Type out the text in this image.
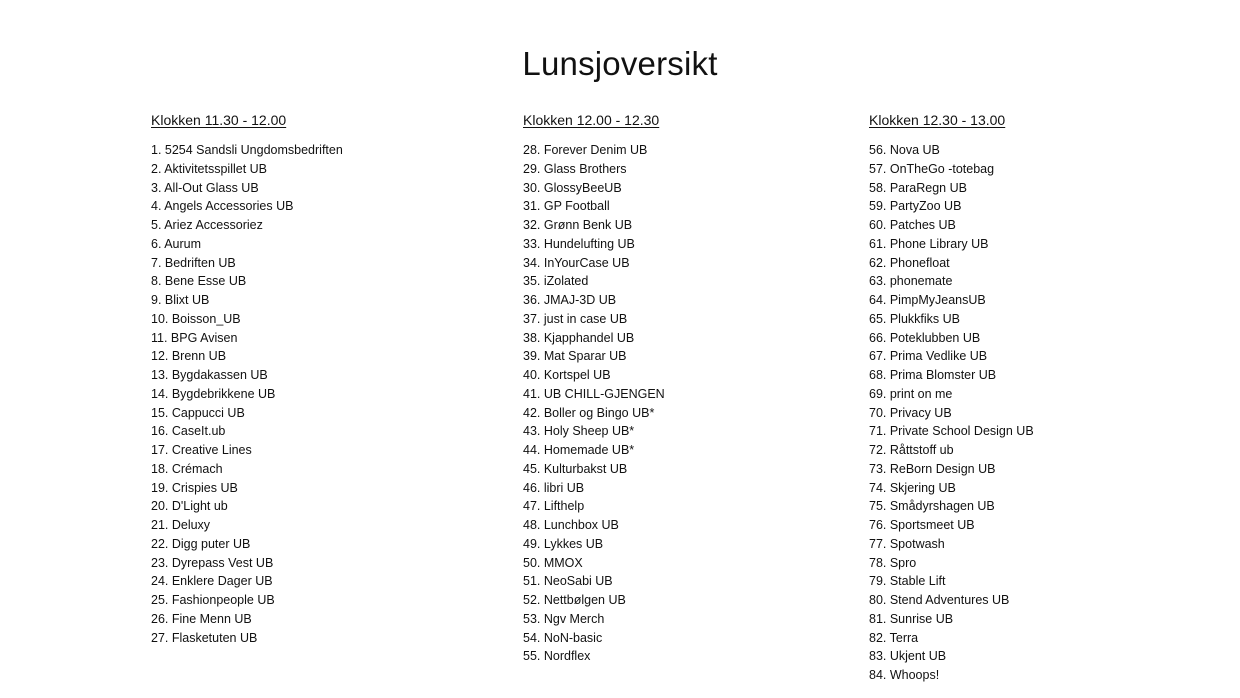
Lunsjoversikt
Klokken 11.30 - 12.00
1. 5254 Sandsli Ungdomsbedriften
2. Aktivitetsspillet UB
3. All-Out Glass UB
4. Angels Accessories UB
5. Ariez Accessoriez
6. Aurum
7. Bedriften UB
8. Bene Esse UB
9. Blixt UB
10. Boisson_UB
11. BPG Avisen
12. Brenn UB
13. Bygdakassen UB
14. Bygdebrikkene UB
15. Cappucci UB
16. CaseIt.ub
17. Creative Lines
18. Crémach
19. Crispies UB
20. D'Light ub
21. Deluxy
22. Digg puter UB
23. Dyrepass Vest UB
24. Enklere Dager UB
25. Fashionpeople UB
26. Fine Menn UB
27. Flasketuten UB
Klokken 12.00 - 12.30
28. Forever Denim UB
29. Glass Brothers
30. GlossyBeeUB
31. GP Football
32. Grønn Benk UB
33. Hundelufting UB
34. InYourCase UB
35. iZolated
36. JMAJ-3D UB
37. just in case UB
38. Kjapphandel UB
39. Mat Sparar UB
40. Kortspel UB
41. UB CHILL-GJENGEN
42. Boller og Bingo UB*
43. Holy Sheep UB*
44. Homemade UB*
45. Kulturbakst UB
46. libri UB
47. Lifthelp
48. Lunchbox UB
49. Lykkes UB
50. MMOX
51. NeoSabi UB
52. Nettbølgen UB
53. Ngv Merch
54. NoN-basic
55. Nordflex
Klokken 12.30 - 13.00
56. Nova UB
57. OnTheGo -totebag
58. ParaRegn UB
59. PartyZoo UB
60. Patches UB
61. Phone Library UB
62. Phonefloat
63. phonemate
64. PimpMyJeansUB
65. Plukkfiks UB
66. Poteklubben UB
67. Prima Vedlike UB
68. Prima Blomster UB
69. print on me
70. Privacy UB
71. Private School Design UB
72. Råttstoff ub
73. ReBorn Design UB
74. Skjering UB
75. Smådyrshagen UB
76. Sportsmeet UB
77. Spotwash
78. Spro
79. Stable Lift
80. Stend Adventures UB
81. Sunrise UB
82. Terra
83. Ukjent UB
84. Whoops!
